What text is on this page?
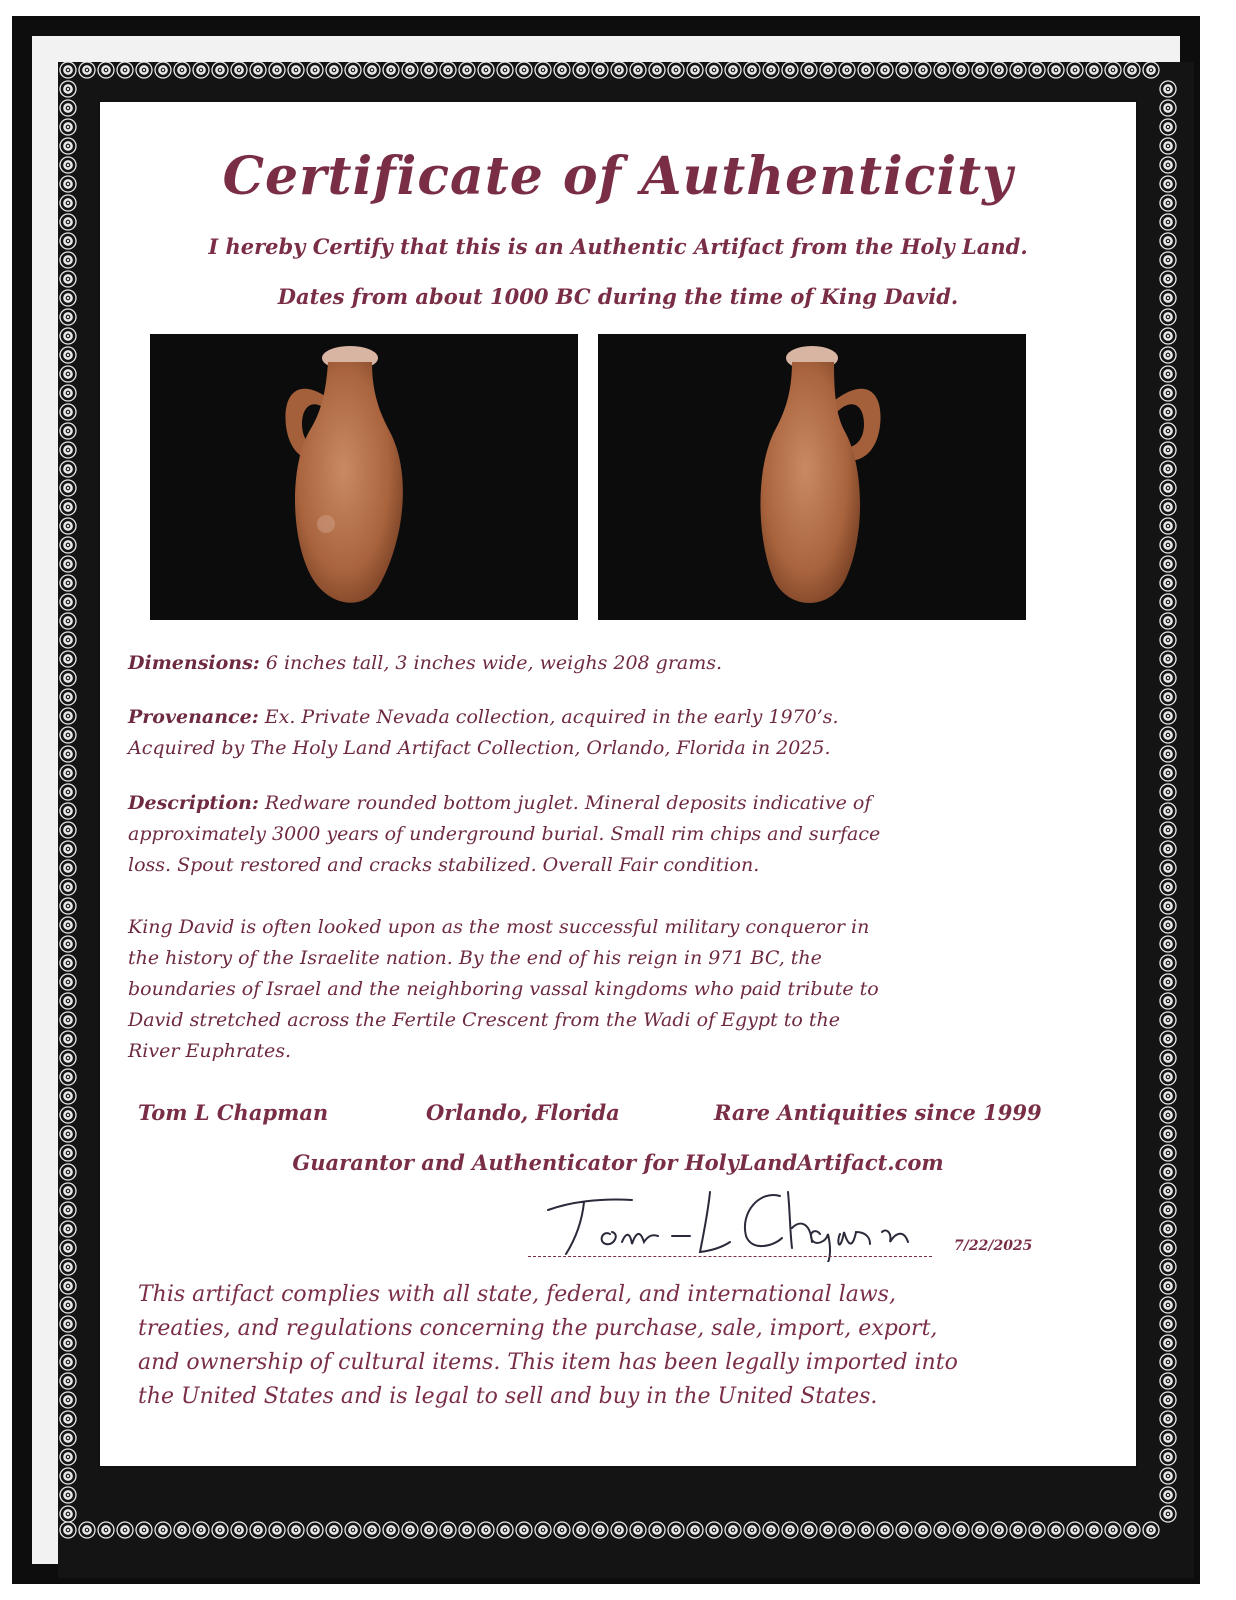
Certificate of Authenticity
I hereby Certify that this is an Authentic Artifact from the Holy Land.
Dates from about 1000 BC during the time of King David.
Dimensions: 6 inches tall, 3 inches wide, weighs 208 grams.
Provenance: Ex. Private Nevada collection, acquired in the early 1970’s.
Acquired by The Holy Land Artifact Collection, Orlando, Florida in 2025.
Description: Redware rounded bottom juglet. Mineral deposits indicative of
approximately 3000 years of underground burial. Small rim chips and surface
loss. Spout restored and cracks stabilized. Overall Fair condition.
King David is often looked upon as the most successful military conqueror in
the history of the Israelite nation. By the end of his reign in 971 BC, the
boundaries of Israel and the neighboring vassal kingdoms who paid tribute to
David stretched across the Fertile Crescent from the Wadi of Egypt to the
River Euphrates.
Tom L Chapman	Orlando, Florida	Rare Antiquities since 1999
Guarantor and Authenticator for HolyLandArtifact.com
7/22/2025
This artifact complies with all state, federal, and international laws,
treaties, and regulations concerning the purchase, sale, import, export,
and ownership of cultural items. This item has been legally imported into
the United States and is legal to sell and buy in the United States.
